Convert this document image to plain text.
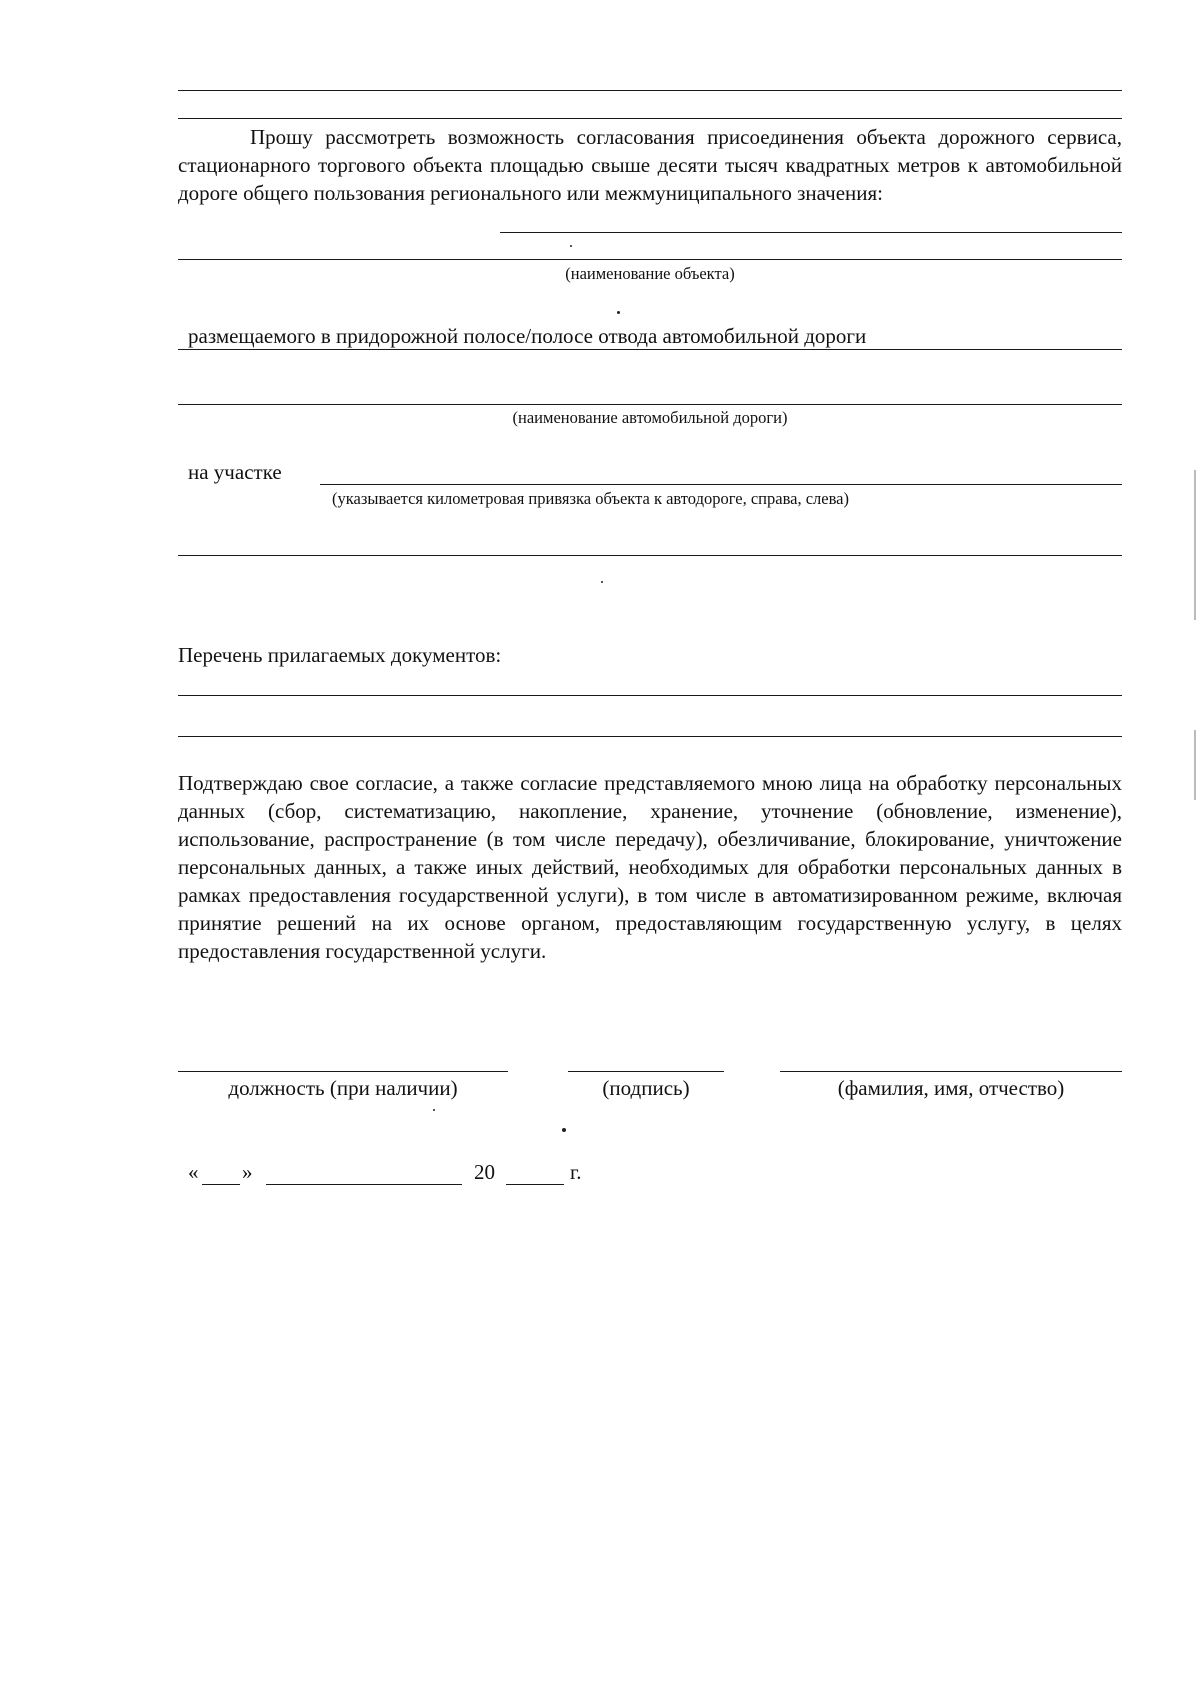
Прошу рассмотреть возможность согласования присоединения объекта дорожного сервиса, стационарного торгового объекта площадью свыше десяти тысяч квадратных метров к автомобильной дороге общего пользования регионального или межмуниципального значения:
(наименование объекта)
размещаемого в придорожной полосе/полосе отвода автомобильной дороги
(наименование автомобильной дороги)
на участке
(указывается километровая привязка объекта к автодороге, справа, слева)
Перечень прилагаемых документов:
Подтверждаю свое согласие, а также согласие представляемого мною лица на обработку персональных данных (сбор, систематизацию, накопление, хранение, уточнение (обновление, изменение), использование, распространение (в том числе передачу), обезличивание, блокирование, уничтожение персональных данных, а также иных действий, необходимых для обработки персональных данных в рамках предоставления государственной услуги), в том числе в автоматизированном режиме, включая принятие решений на их основе органом, предоставляющим государственную услугу, в целях предоставления государственной услуги.
должность (при наличии)	(подпись)	(фамилия, имя, отчество)
« »	20	г.
